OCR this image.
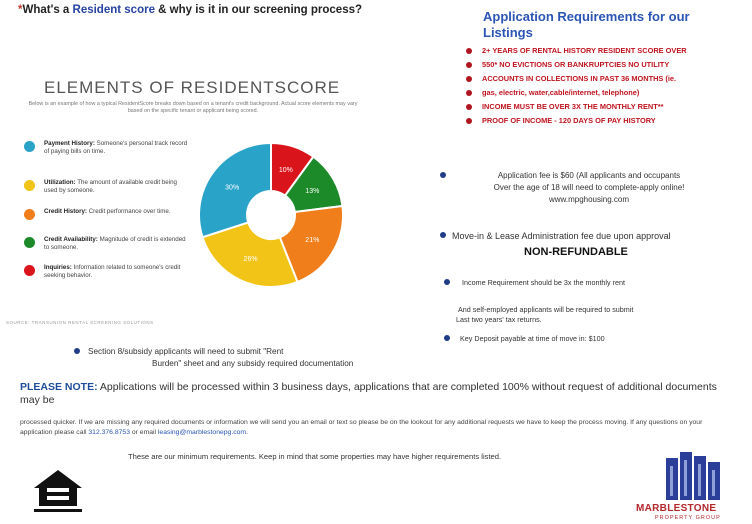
*What's a Resident score & why is it in our screening process?
ELEMENTS OF RESIDENTSCORE
Below is an example of how a typical ResidentScore breaks down based on a tenant's credit background. Actual score elements may vary based on the specific tenant or applicant being scored.
Payment History: Someone's personal track record of paying bills on time.
Utilization: The amount of available credit being used by someone.
Credit History: Credit performance over time.
Credit Availability: Magnitude of credit is extended to someone.
Inquiries: Information related to someone's credit seeking behavior.
10%
13%
21%
26%
30%
SOURCE: TRANSUNION RENTAL SCREENING SOLUTIONS
Application Requirements for our Listings
2+ YEARS OF RENTAL HISTORY RESIDENT SCORE OVER
550* NO EVICTIONS OR BANKRUPTCIES NO UTILITY
ACCOUNTS IN COLLECTIONS IN PAST 36 MONTHS (ie.
gas, electric, water,cable/internet, telephone)
INCOME MUST BE OVER 3X THE MONTHLY RENT**
PROOF OF INCOME - 120 DAYS OF PAY HISTORY
Application fee is $60 (All applicants and occupants
Over the age of 18 will need to complete-apply online!
www.mpghousing.com
Move-in & Lease Administration fee due upon approval
NON-REFUNDABLE
Income Requirement should be 3x the monthly rent
And self-employed applicants will be required to submit
Last two years' tax returns.
Key Deposit payable at time of move in: $100
Section 8/subsidy applicants will need to submit "Rent
Burden" sheet and any subsidy required documentation
PLEASE NOTE: Applications will be processed within 3 business days, applications that are completed 100% without request of additional documents may be
processed quicker. If we are missing any required documents or information we will send you an email or text so please be on the lookout for any additional requests we have to keep the process moving. If any questions on your application please call 312.376.8753 or email leasing@marblestonepg.com.
These are our minimum requirements. Keep in mind that some properties may have higher requirements listed.
MARBLESTONE
PROPERTY GROUP
